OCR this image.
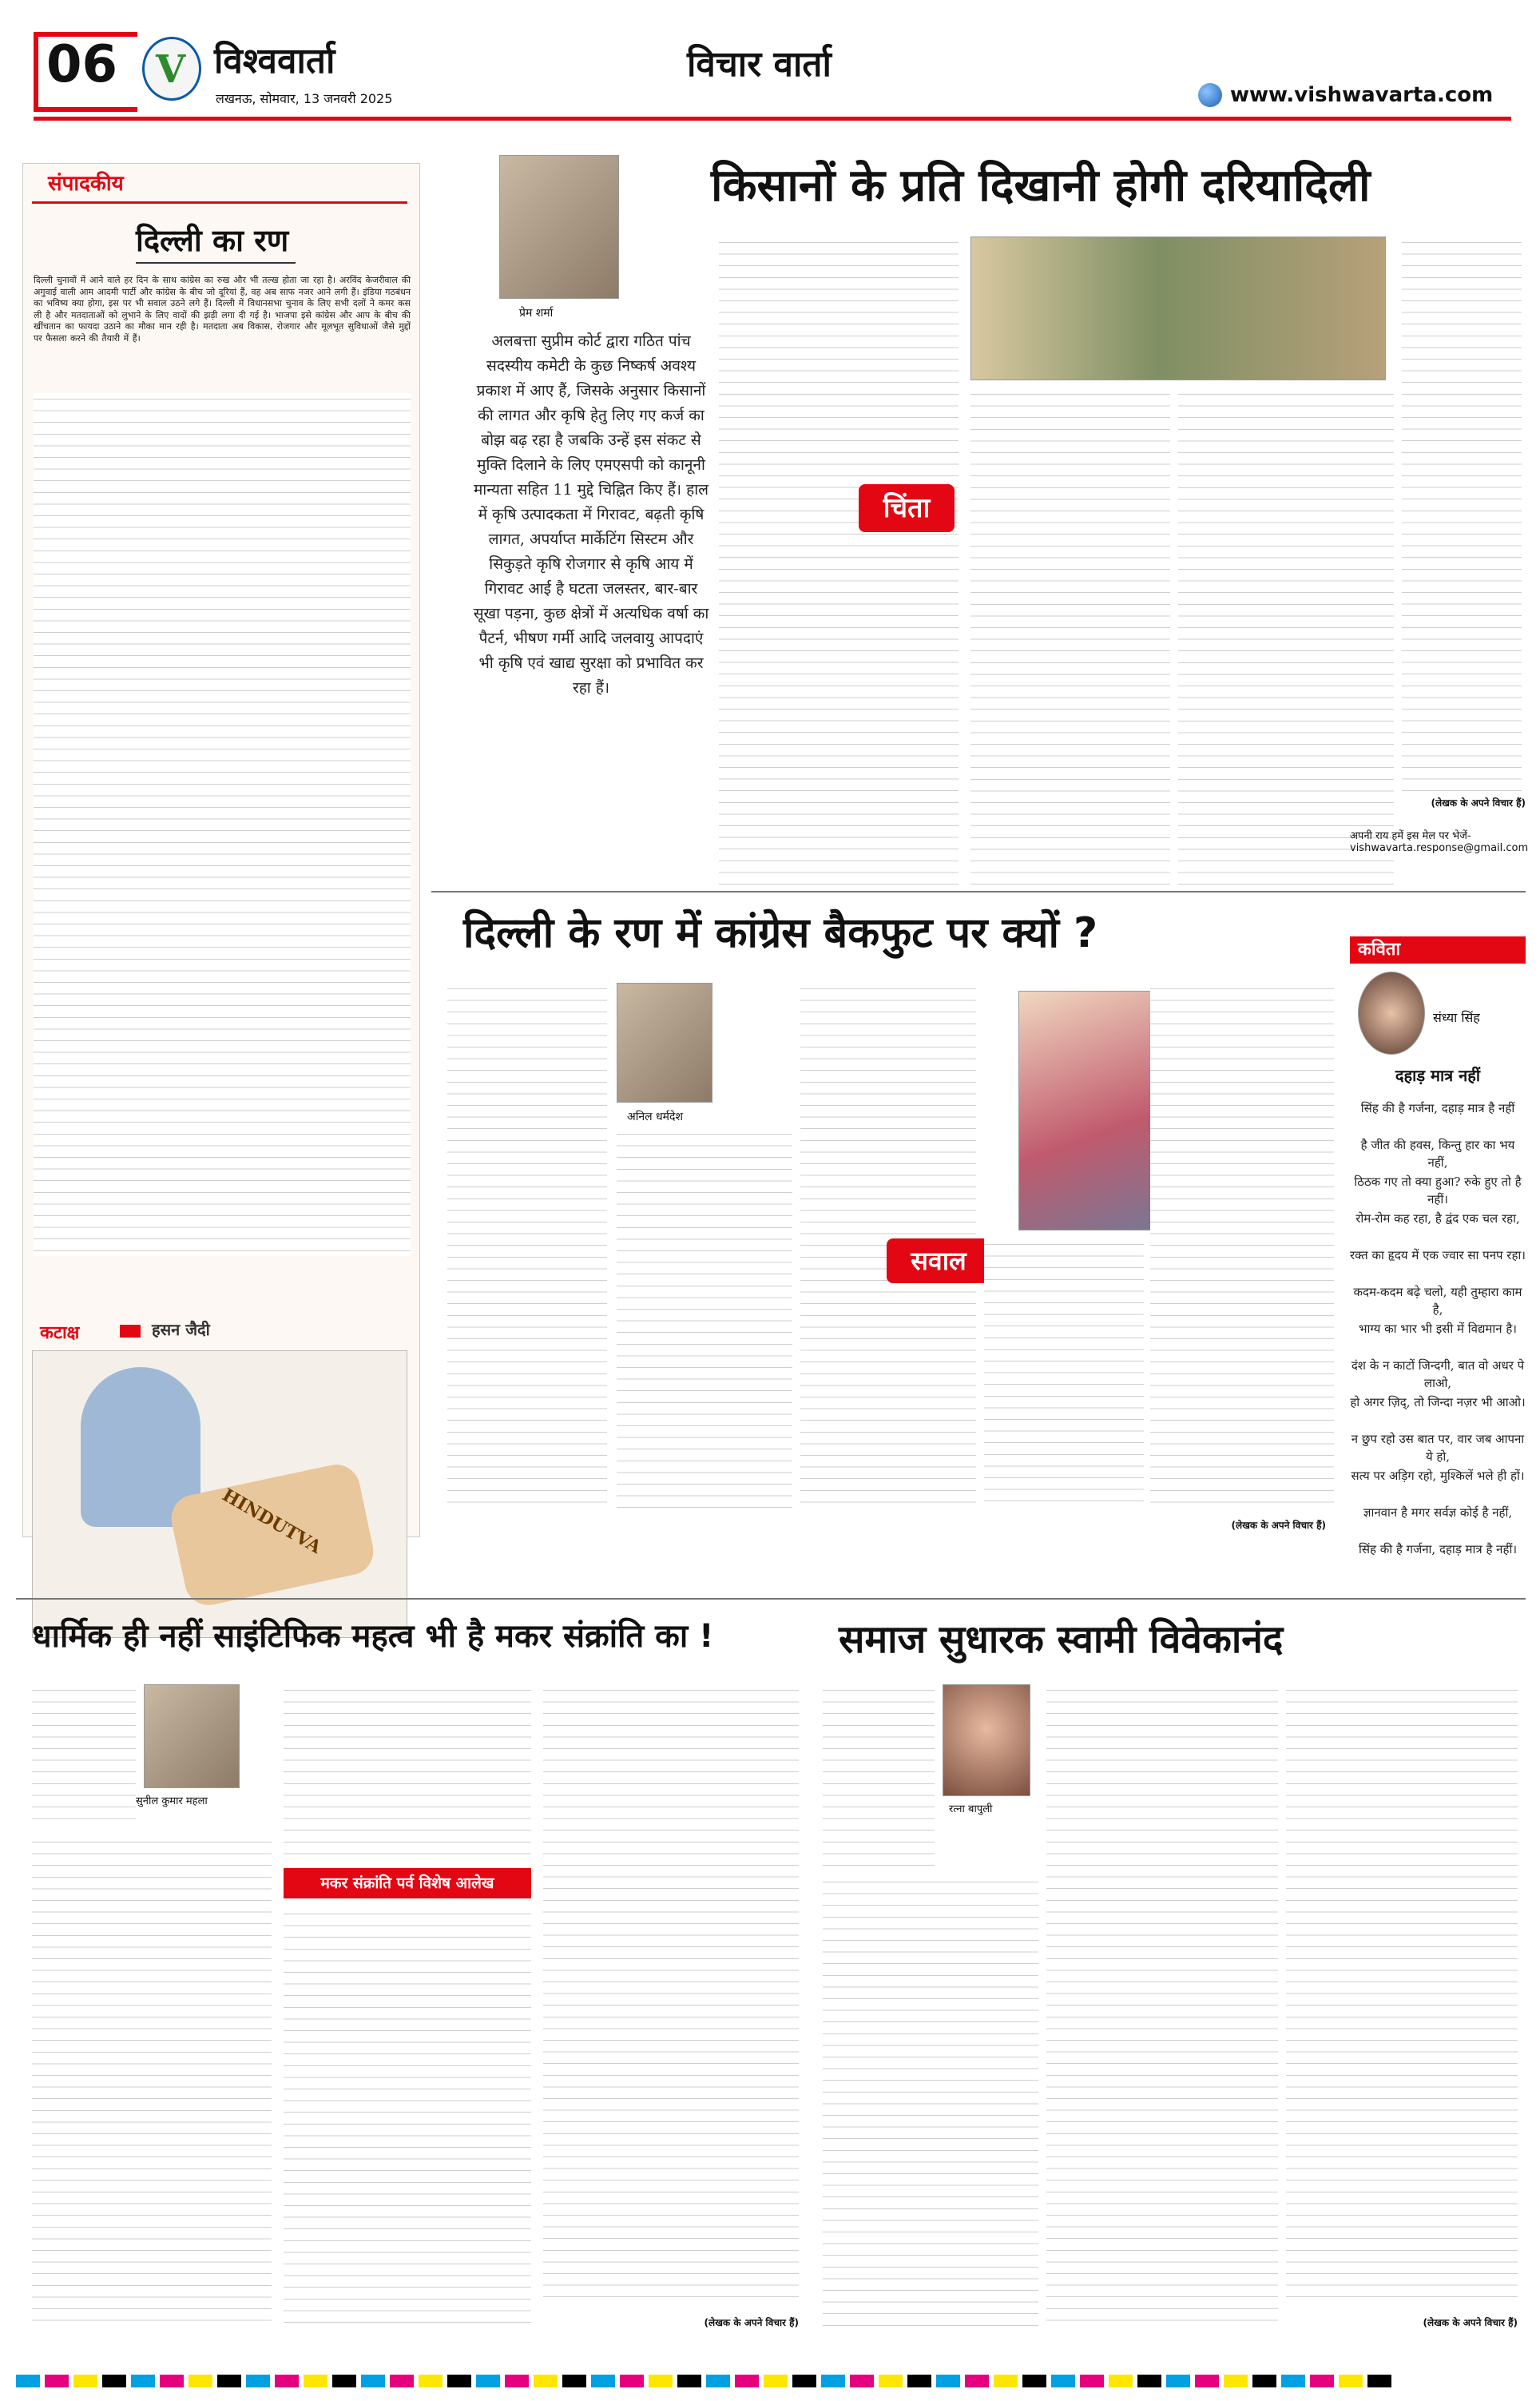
06 V विश्ववार्ता
लखनऊ, सोमवार, 13 जनवरी 2025
विचार वार्ता
www.vishwavarta.com
संपादकीय
दिल्ली का रण
दिल्ली चुनावों में आने वाले हर दिन के साथ कांग्रेस का रुख और भी तल्ख होता जा रहा है। अरविंद केजरीवाल की अगुवाई वाली आम आदमी पार्टी और कांग्रेस के बीच जो दूरियां हैं, वह अब साफ नजर आने लगी हैं। इंडिया गठबंधन का भविष्य क्या होगा, इस पर भी सवाल उठने लगे हैं। दिल्ली में विधानसभा चुनाव के लिए सभी दलों ने कमर कस ली है और मतदाताओं को लुभाने के लिए वादों की झड़ी लगा दी गई है। भाजपा इसे कांग्रेस और आप के बीच की खींचतान का फायदा उठाने का मौका मान रही है। मतदाता अब विकास, रोजगार और मूलभूत सुविधाओं जैसे मुद्दों पर फैसला करने की तैयारी में हैं।
कटाक्ष	हसन जैदी
HINDUTVA
प्रेम शर्मा
अलबत्ता सुप्रीम कोर्ट द्वारा गठित पांच सदस्यीय कमेटी के कुछ निष्कर्ष अवश्य प्रकाश में आए हैं, जिसके अनुसार किसानों की लागत और कृषि हेतु लिए गए कर्ज का बोझ बढ़ रहा है जबकि उन्हें इस संकट से मुक्ति दिलाने के लिए एमएसपी को कानूनी मान्यता सहित 11 मुद्दे चिह्नित किए हैं। हाल में कृषि उत्पादकता में गिरावट, बढ़ती कृषि लागत, अपर्याप्त मार्केटिंग सिस्टम और सिकुड़ते कृषि रोजगार से कृषि आय में गिरावट आई है घटता जलस्तर, बार-बार सूखा पड़ना, कुछ क्षेत्रों में अत्यधिक वर्षा का पैटर्न, भीषण गर्मी आदि जलवायु आपदाएं भी कृषि एवं खाद्य सुरक्षा को प्रभावित कर रहा हैं।
किसानों के प्रति दिखानी होगी दरियादिली
चिंता
(लेखक के अपने विचार हैं)
अपनी राय हमें इस मेल पर भेजें-
vishwavarta.response@gmail.com
दिल्ली के रण में कांग्रेस बैकफुट पर क्यों ?
अनिल धर्मदेश
सवाल
(लेखक के अपने विचार हैं)
कविता
संध्या सिंह
दहाड़ मात्र नहीं
सिंह की है गर्जना, दहाड़ मात्र है नहीं
है जीत की हवस, किन्तु हार का भय नहीं,
ठिठक गए तो क्या हुआ? रुके हुए तो है नहीं।
रोम-रोम कह रहा, है द्वंद एक चल रहा,
रक्त का हृदय में एक ज्वार सा पनप रहा।
कदम-कदम बढ़े चलो, यही तुम्हारा काम है,
भाग्य का भार भी इसी में विद्यमान है।
दंश के न काटों जिन्दगी, बात वो अधर पे लाओ,
हो अगर ज़िद्, तो जिन्दा नज़र भी आओ।
न छुप रहो उस बात पर, वार जब आपना ये हो,
सत्य पर अड़िग रहो, मुश्किलें भले ही हों।
ज्ञानवान है मगर सर्वज्ञ कोई है नहीं,
सिंह की है गर्जना, दहाड़ मात्र है नहीं।
धार्मिक ही नहीं साइंटिफिक महत्व भी है मकर संक्रांति का !
सुनील कुमार महला
मकर संक्रांति पर्व विशेष आलेख
(लेखक के अपने विचार हैं)
समाज सुधारक स्वामी विवेकानंद
रत्ना बापुली
(लेखक के अपने विचार हैं)
